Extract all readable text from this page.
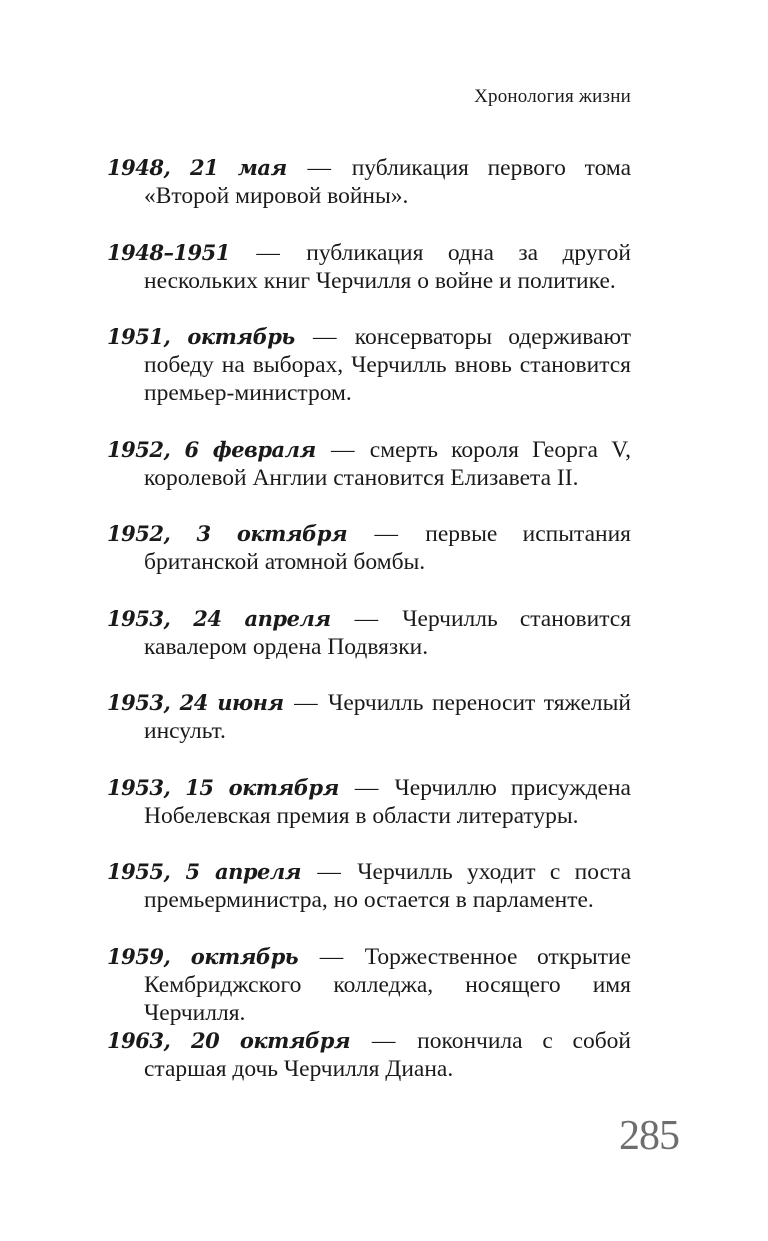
Хронология жизни
1948, 21 мая — публикация первого тома «Второй мировой войны».
1948–1951 — публикация одна за другой нескольких книг Черчилля о войне и политике.
1951, октябрь — консерваторы одерживают победу на выборах, Черчилль вновь становится премьер-министром.
1952, 6 февраля — смерть короля Георга V, королевой Англии становится Елизавета II.
1952, 3 октября — первые испытания британской атомной бомбы.
1953, 24 апреля — Черчилль становится кавалером ордена Подвязки.
1953, 24 июня — Черчилль переносит тяжелый инсульт.
1953, 15 октября — Черчиллю присуждена Нобелевская премия в области литературы.
1955, 5 апреля — Черчилль уходит с поста премьерминистра, но остается в парламенте.
1959, октябрь — Торжественное открытие Кембриджского колледжа, носящего имя Черчилля.
1963, 20 октября — покончила с собой старшая дочь Черчилля Диана.
285
